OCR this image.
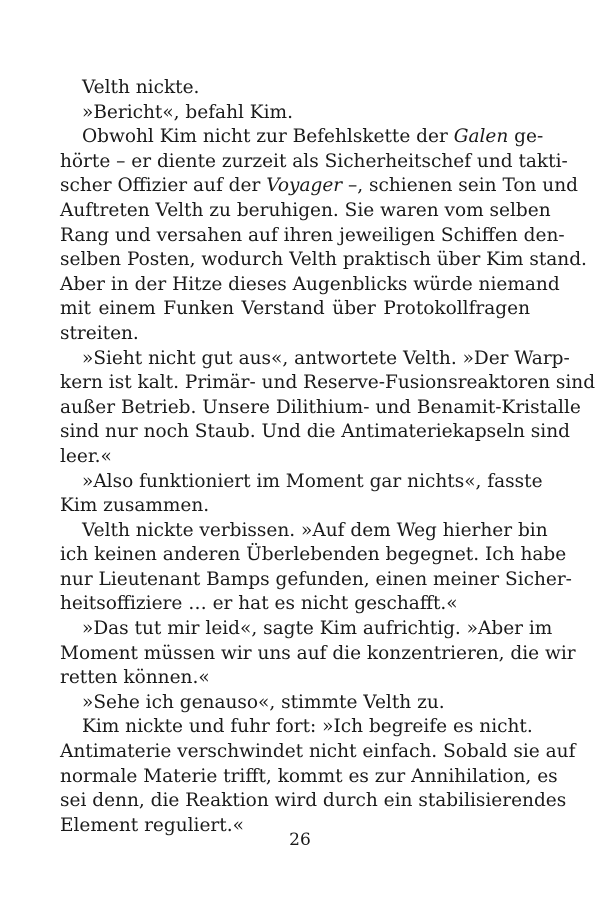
Velth nickte.
»Bericht«, befahl Kim.
Obwohl Kim nicht zur Befehlskette der Galen ge-
hörte – er diente zurzeit als Sicherheitschef und takti-
scher Offizier auf der Voyager –, schienen sein Ton und
Auftreten Velth zu beruhigen. Sie waren vom selben
Rang und versahen auf ihren jeweiligen Schiffen den-
selben Posten, wodurch Velth praktisch über Kim stand.
Aber in der Hitze dieses Augenblicks würde niemand
mit einem Funken Verstand über Protokollfragen
streiten.
»Sieht nicht gut aus«, antwortete Velth. »Der Warp-
kern ist kalt. Primär- und Reserve-Fusionsreaktoren sind
außer Betrieb. Unsere Dilithium- und Benamit-Kristalle
sind nur noch Staub. Und die Antimateriekapseln sind
leer.«
»Also funktioniert im Moment gar nichts«, fasste
Kim zusammen.
Velth nickte verbissen. »Auf dem Weg hierher bin
ich keinen anderen Überlebenden begegnet. Ich habe
nur Lieutenant Bamps gefunden, einen meiner Sicher-
heitsoffiziere … er hat es nicht geschafft.«
»Das tut mir leid«, sagte Kim aufrichtig. »Aber im
Moment müssen wir uns auf die konzentrieren, die wir
retten können.«
»Sehe ich genauso«, stimmte Velth zu.
Kim nickte und fuhr fort: »Ich begreife es nicht.
Antimaterie verschwindet nicht einfach. Sobald sie auf
normale Materie trifft, kommt es zur Annihilation, es
sei denn, die Reaktion wird durch ein stabilisierendes
Element reguliert.«
26
